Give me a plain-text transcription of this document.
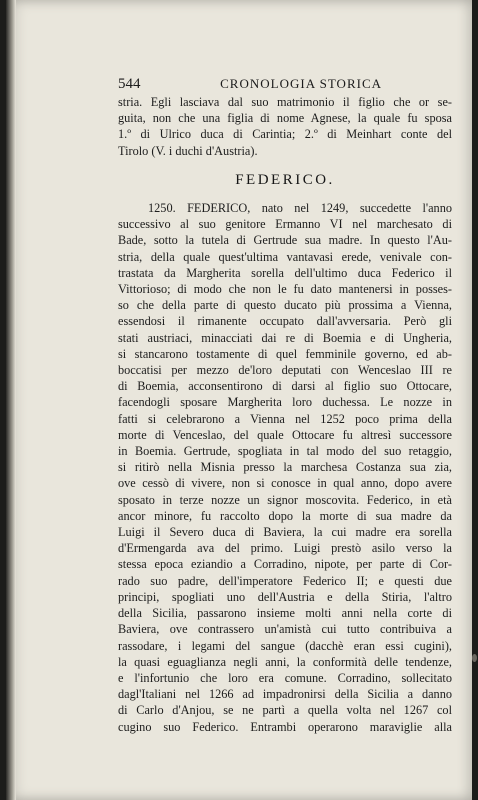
544	CRONOLOGIA STORICA
stria. Egli lasciava dal suo matrimonio il figlio che or se-
guita, non che una figlia di nome Agnese, la quale fu sposa
1.º di Ulrico duca di Carintia; 2.º di Meinhart conte del
Tirolo (V. i duchi d'Austria).
FEDERICO.
1250. FEDERICO, nato nel 1249, succedette l'anno
successivo al suo genitore Ermanno VI nel marchesato di
Bade, sotto la tutela di Gertrude sua madre. In questo l'Au-
stria, della quale quest'ultima vantavasi erede, venivale con-
trastata da Margherita sorella dell'ultimo duca Federico il
Vittorioso; di modo che non le fu dato mantenersi in posses-
so che della parte di questo ducato più prossima a Vienna,
essendosi il rimanente occupato dall'avversaria. Però gli
stati austriaci, minacciati dai re di Boemia e di Ungheria,
si stancarono tostamente di quel femminile governo, ed ab-
boccatisi per mezzo de'loro deputati con Wenceslao III re
di Boemia, acconsentirono di darsi al figlio suo Ottocare,
facendogli sposare Margherita loro duchessa. Le nozze in
fatti si celebrarono a Vienna nel 1252 poco prima della
morte di Venceslao, del quale Ottocare fu altresì successore
in Boemia. Gertrude, spogliata in tal modo del suo retaggio,
si ritirò nella Misnia presso la marchesa Costanza sua zia,
ove cessò di vivere, non si conosce in qual anno, dopo avere
sposato in terze nozze un signor moscovita. Federico, in età
ancor minore, fu raccolto dopo la morte di sua madre da
Luigi il Severo duca di Baviera, la cui madre era sorella
d'Ermengarda ava del primo. Luigi prestò asilo verso la
stessa epoca eziandio a Corradino, nipote, per parte di Cor-
rado suo padre, dell'imperatore Federico II; e questi due
principi, spogliati uno dell'Austria e della Stiria, l'altro
della Sicilia, passarono insieme molti anni nella corte di
Baviera, ove contrassero un'amistà cui tutto contribuiva a
rassodare, i legami del sangue (dacchè eran essi cugini),
la quasi eguaglianza negli anni, la conformità delle tendenze,
e l'infortunio che loro era comune. Corradino, sollecitato
dagl'Italiani nel 1266 ad impadronirsi della Sicilia a danno
di Carlo d'Anjou, se ne partì a quella volta nel 1267 col
cugino suo Federico. Entrambi operarono maraviglie alla
